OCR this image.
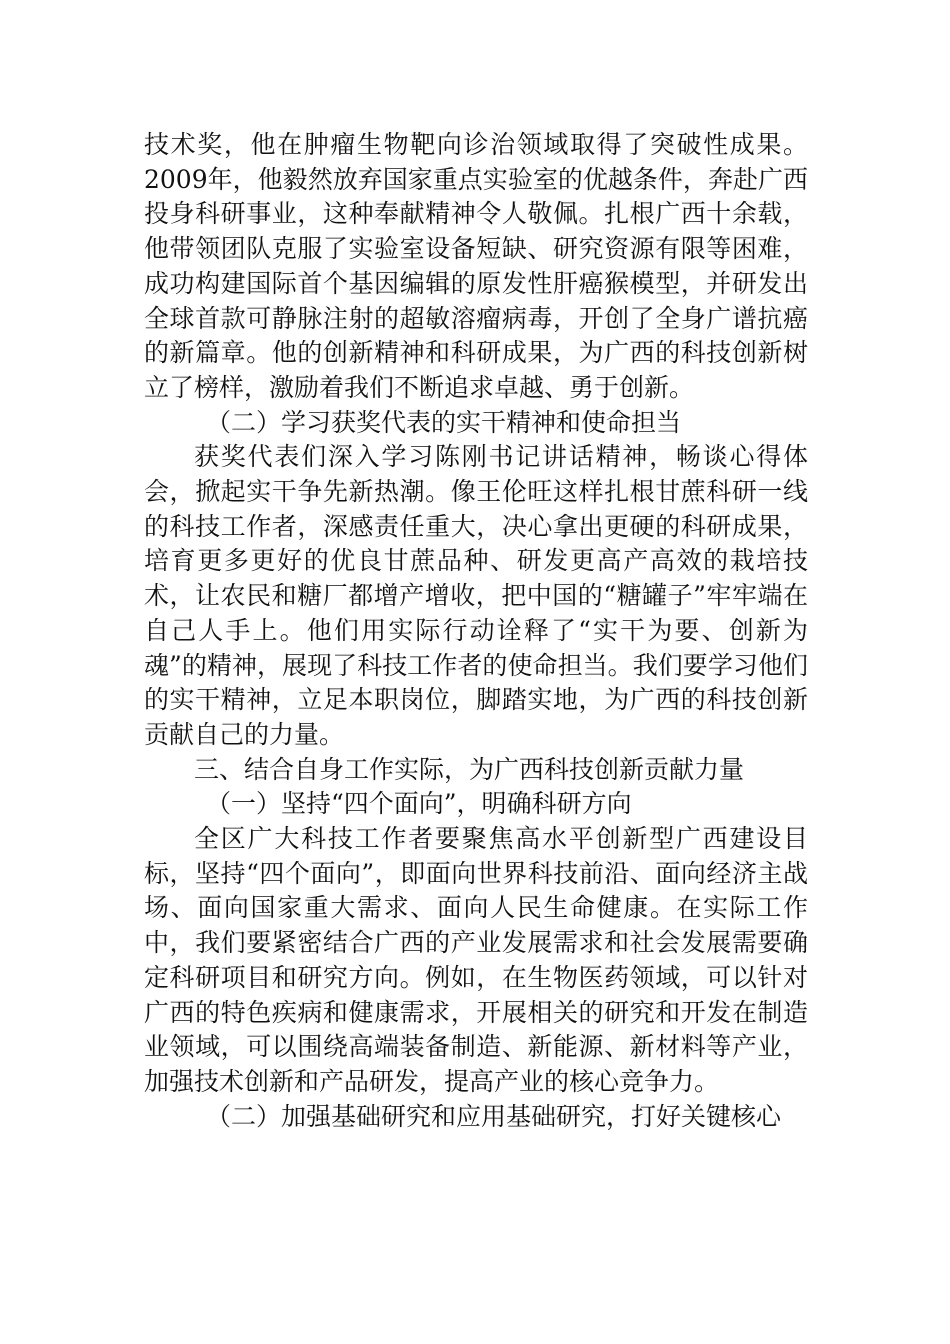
技术奖，他在肿瘤生物靶向诊治领域取得了突破性成果。2009年，他毅然放弃国家重点实验室的优越条件，奔赴广西投身科研事业，这种奉献精神令人敬佩。扎根广西十余载，他带领团队克服了实验室设备短缺、研究资源有限等困难，成功构建国际首个基因编辑的原发性肝癌猴模型，并研发出全球首款可静脉注射的超敏溶瘤病毒，开创了全身广谱抗癌的新篇章。他的创新精神和科研成果，为广西的科技创新树立了榜样，激励着我们不断追求卓越、勇于创新。

（二）学习获奖代表的实干精神和使命担当

获奖代表们深入学习陈刚书记讲话精神，畅谈心得体会，掀起实干争先新热潮。像王伦旺这样扎根甘蔗科研一线的科技工作者，深感责任重大，决心拿出更硬的科研成果，培育更多更好的优良甘蔗品种、研发更高产高效的栽培技术，让农民和糖厂都增产增收，把中国的“糖罐子”牢牢端在自己人手上。他们用实际行动诠释了“实干为要、创新为魂”的精神，展现了科技工作者的使命担当。我们要学习他们的实干精神，立足本职岗位，脚踏实地，为广西的科技创新贡献自己的力量。

三、结合自身工作实际，为广西科技创新贡献力量

（一）坚持“四个面向”，明确科研方向

全区广大科技工作者要聚焦高水平创新型广西建设目标，坚持“四个面向”，即面向世界科技前沿、面向经济主战场、面向国家重大需求、面向人民生命健康。在实际工作中，我们要紧密结合广西的产业发展需求和社会发展需要确定科研项目和研究方向。例如，在生物医药领域，可以针对广西的特色疾病和健康需求，开展相关的研究和开发在制造业领域，可以围绕高端装备制造、新能源、新材料等产业，加强技术创新和产品研发，提高产业的核心竞争力。

（二）加强基础研究和应用基础研究，打好关键核心
